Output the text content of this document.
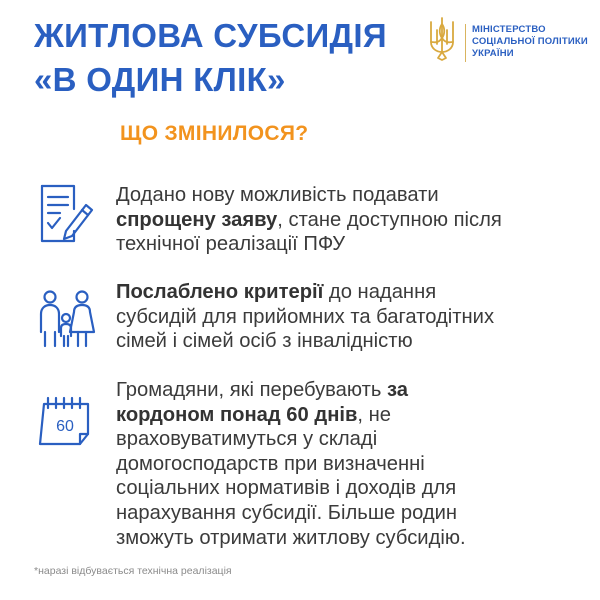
ЖИТЛОВА СУБСИДІЯ
«В ОДИН КЛІК»
МІНІСТЕРСТВО
СОЦІАЛЬНОЇ ПОЛІТИКИ
УКРАЇНИ
ЩО ЗМІНИЛОСЯ?
Додано нову можливість подавати
спрощену заяву, стане доступною після
технічної реалізації ПФУ
Послаблено критерії до надання
субсидій для прийомних та багатодітних
сімей і сімей осіб з інвалідністю
60
Громадяни, які перебувають за
кордоном понад 60 днів, не
враховуватимуться у складі
домогосподарств при визначенні
соціальних нормативів і доходів для
нарахування субсидії. Більше родин
зможуть отримати житлову субсидію.
*наразі відбувається технічна реалізація
